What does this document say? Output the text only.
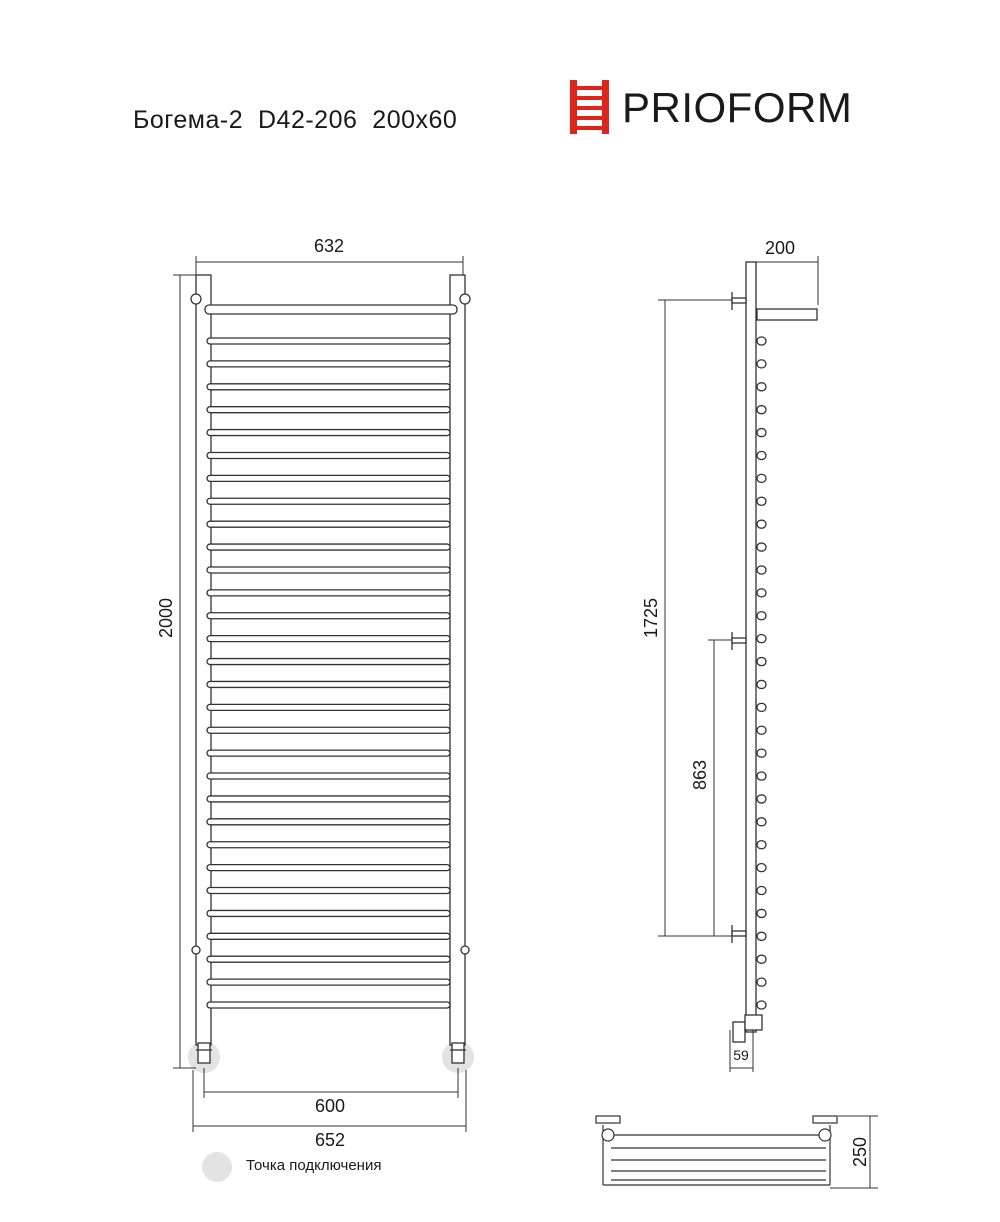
Богема-2  D42-206  200x60	PRIOFORM
632
2000
600
652
200
1725
863
59
250
Точка подключения
